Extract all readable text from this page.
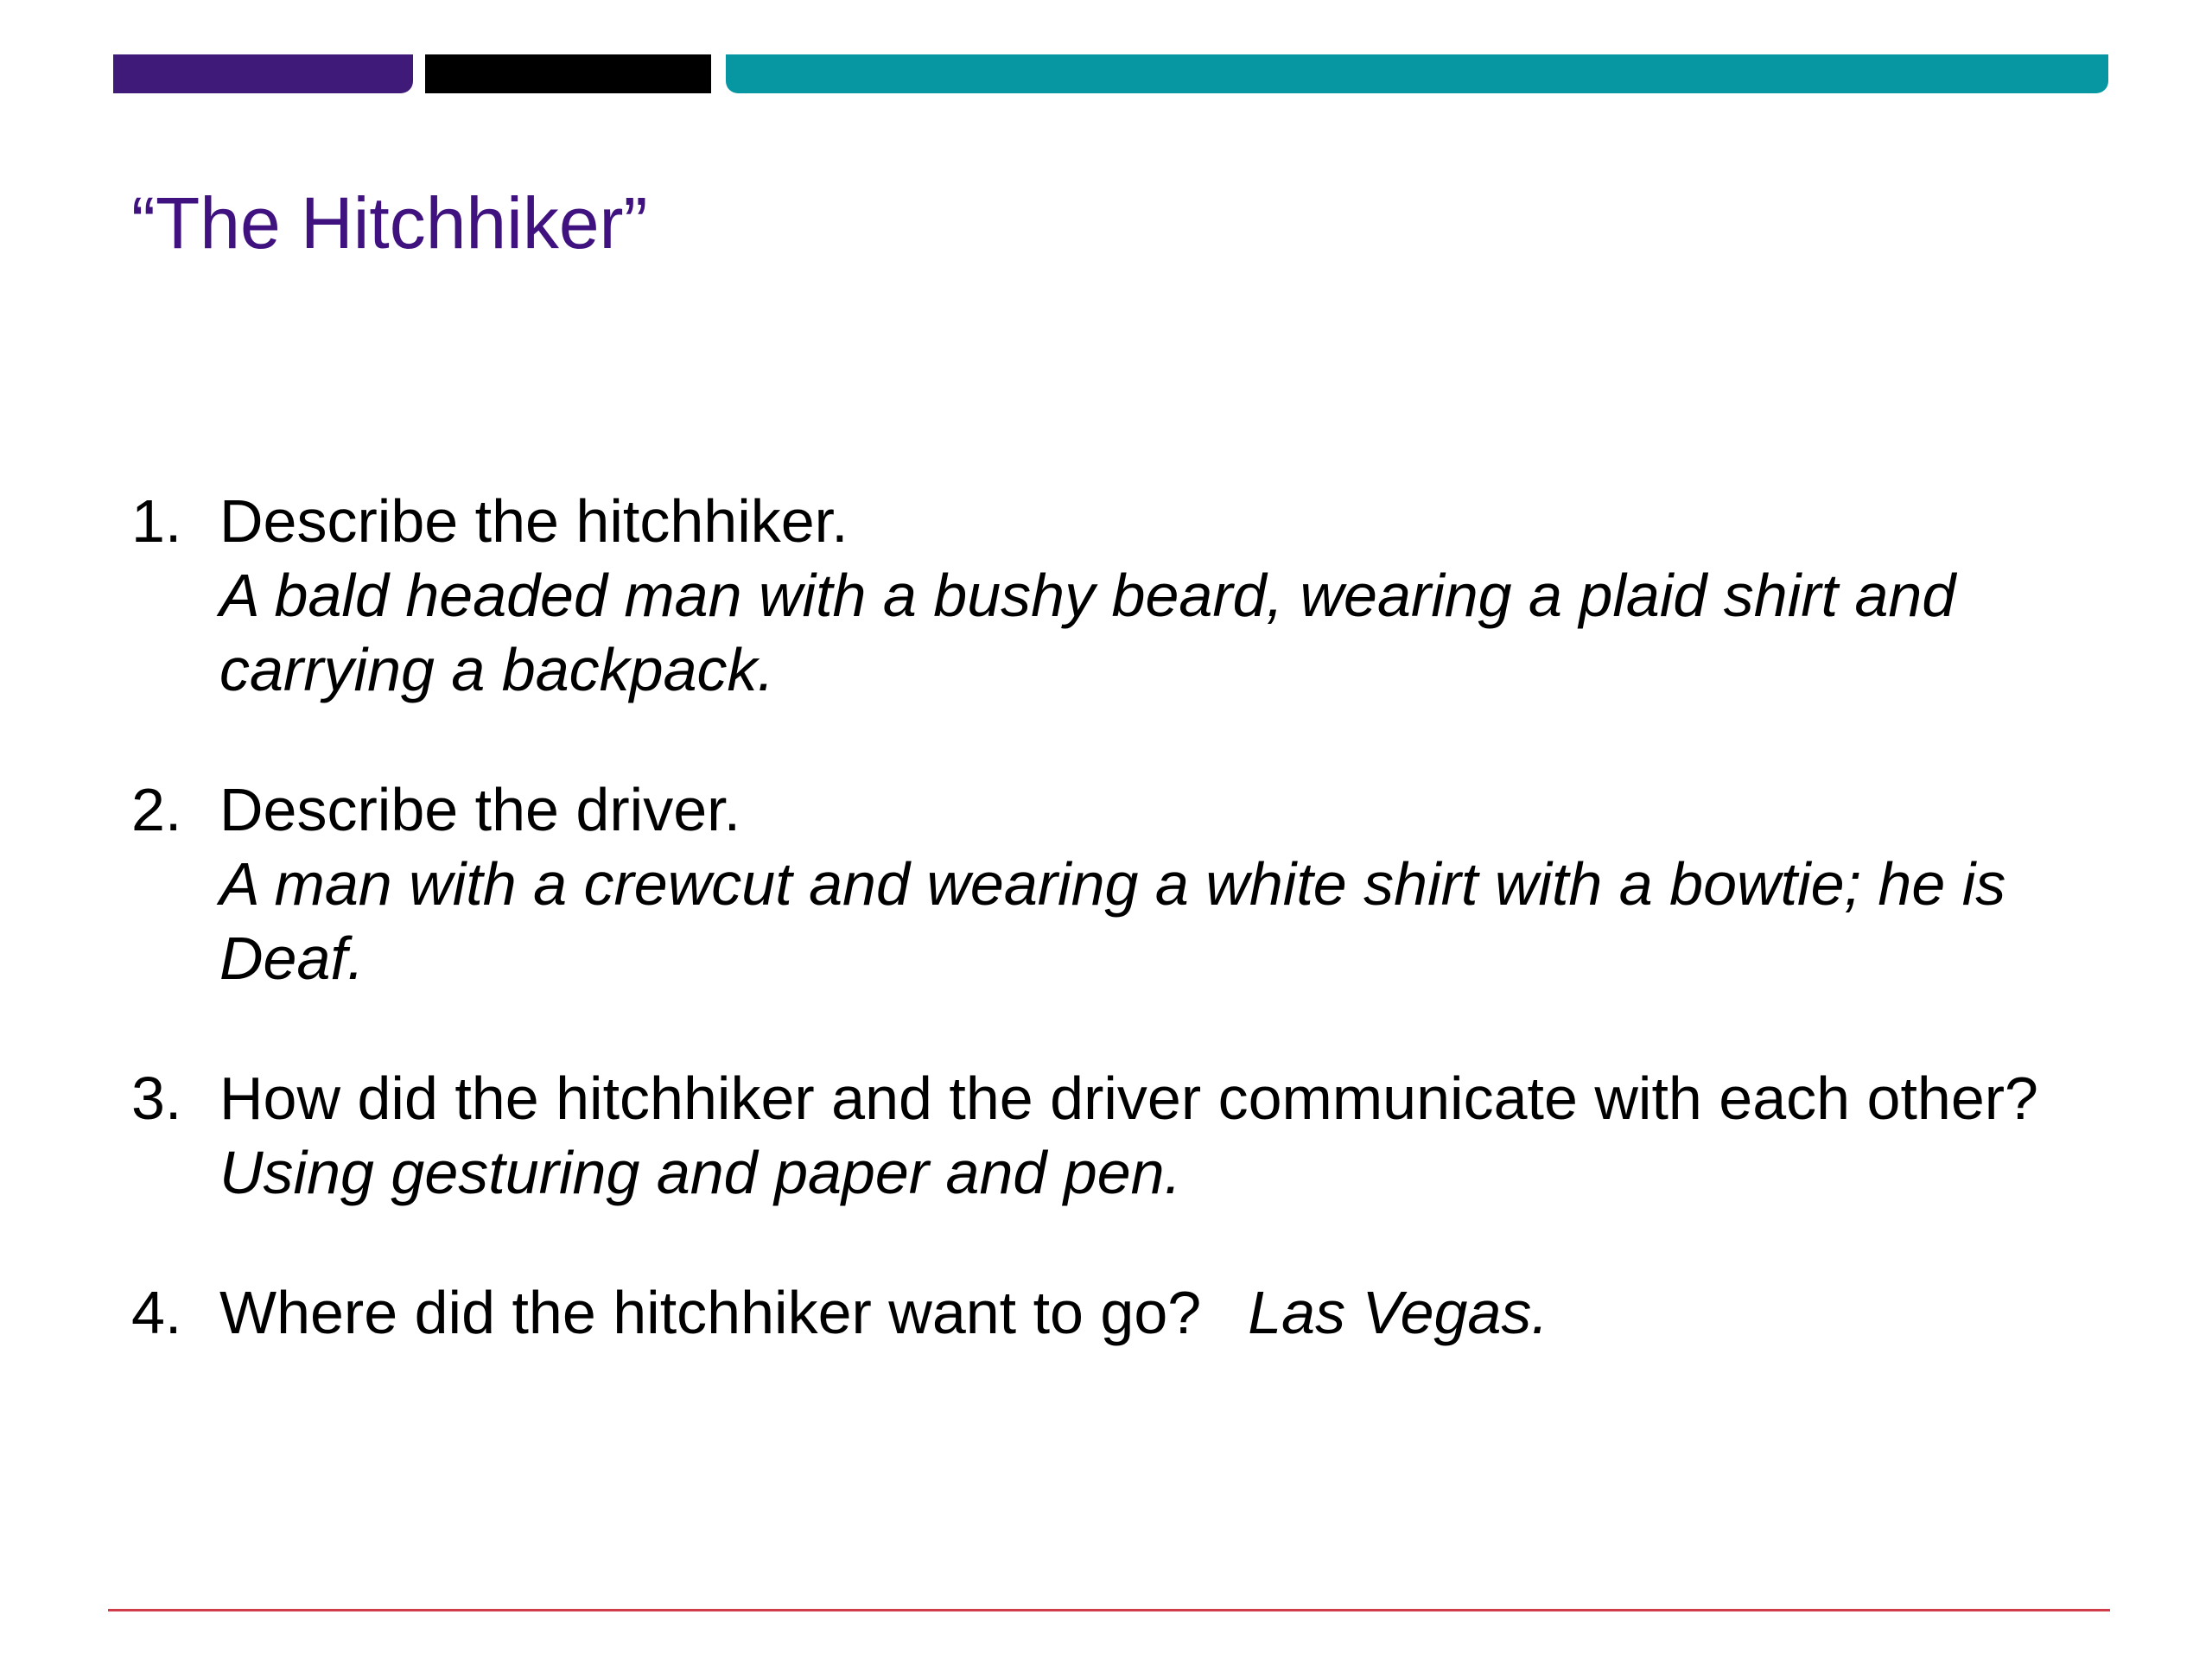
“The Hitchhiker”
1. Describe the hitchhiker.
A bald headed man with a bushy beard, wearing a plaid shirt and carrying a backpack.
2. Describe the driver.
A man with a crewcut and wearing a white shirt with a bowtie; he is Deaf.
3. How did the hitchhiker and the driver communicate with each other?
Using gesturing and paper and pen.
4. Where did the hitchhiker want to go? Las Vegas.
